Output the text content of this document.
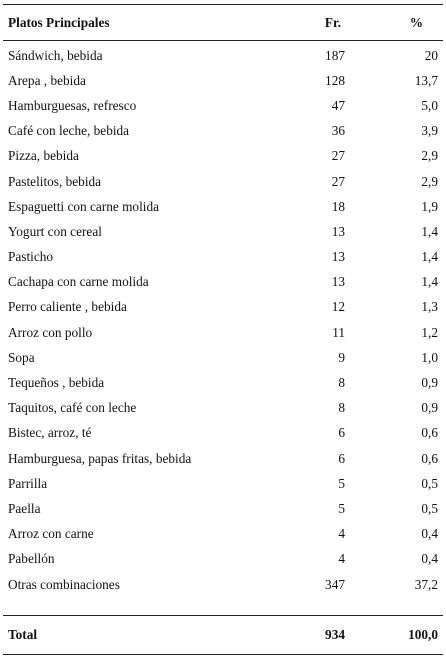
Platos Principales	Fr.	%
Sándwich, bebida	187	20
Arepa , bebida	128	13,7
Hamburguesas, refresco	47	5,0
Café con leche, bebida	36	3,9
Pizza, bebida	27	2,9
Pastelitos, bebida	27	2,9
Espaguetti con carne molida	18	1,9
Yogurt con cereal	13	1,4
Pasticho	13	1,4
Cachapa con carne molida	13	1,4
Perro caliente , bebida	12	1,3
Arroz con pollo	11	1,2
Sopa	9	1,0
Tequeños , bebida	8	0,9
Taquitos, café con leche	8	0,9
Bistec, arroz, té	6	0,6
Hamburguesa, papas fritas, bebida	6	0,6
Parrilla	5	0,5
Paella	5	0,5
Arroz con carne	4	0,4
Pabellón	4	0,4
Otras combinaciones	347	37,2

Total	934	100,0
